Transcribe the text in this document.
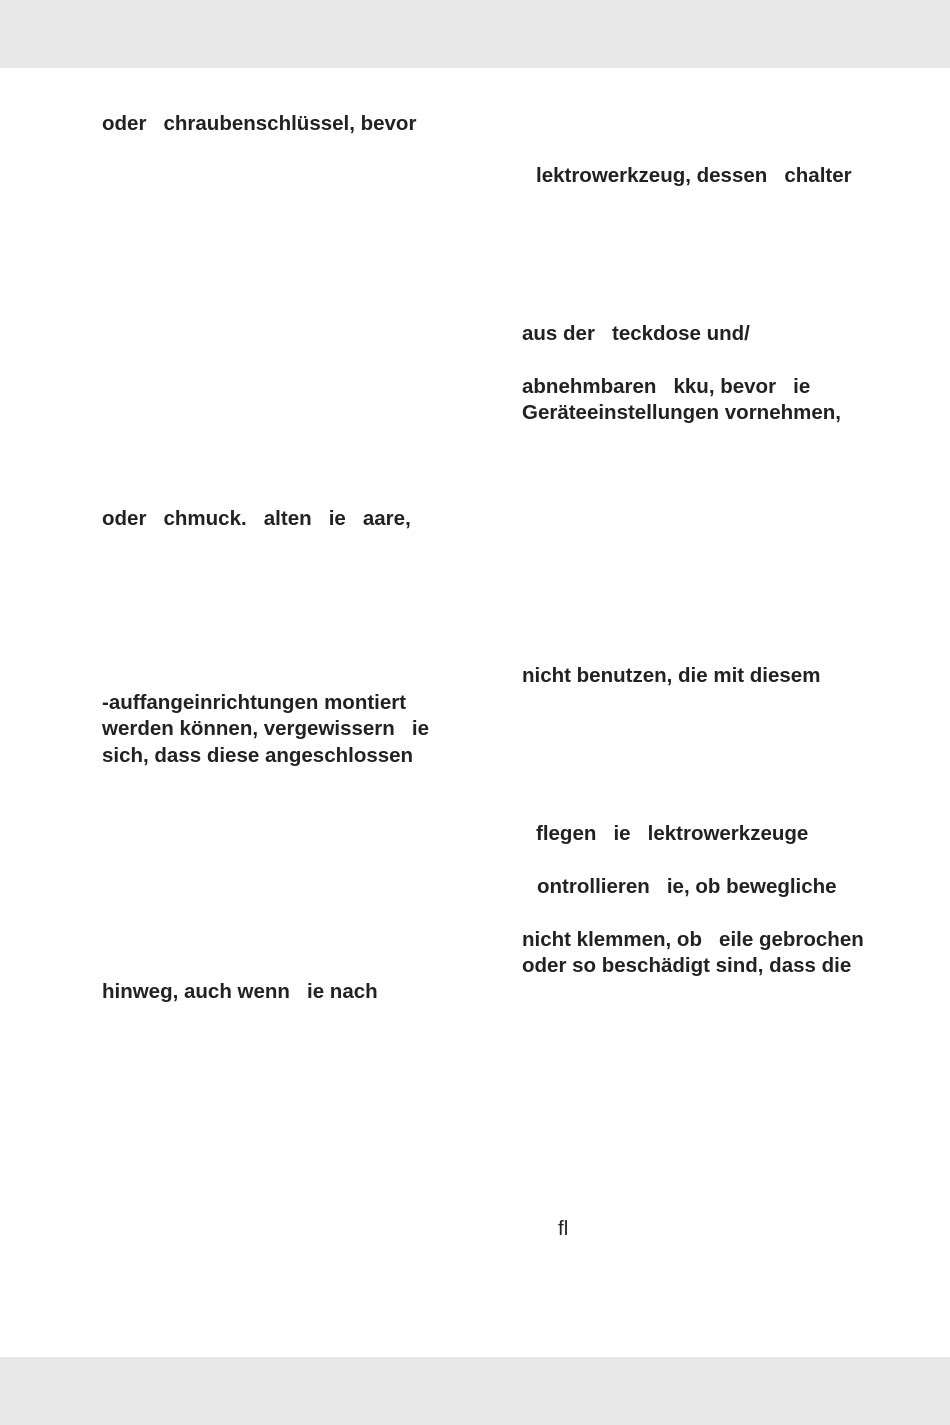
oder   chraubenschlüssel, bevor

oder   chmuck.   alten   ie   aare,

-auffangeinrichtungen montiert

werden können, vergewissern   ie

sich, dass diese angeschlossen

hinweg, auch wenn   ie nach

lektrowerkzeug, dessen   chalter

aus der   teckdose und/

abnehmbaren   kku, bevor   ie

Geräteeinstellungen vornehmen,

nicht benutzen, die mit diesem

flegen   ie   lektrowerkzeuge

ontrollieren   ie, ob bewegliche

nicht klemmen, ob   eile gebrochen

oder so beschädigt sind, dass die

fl
